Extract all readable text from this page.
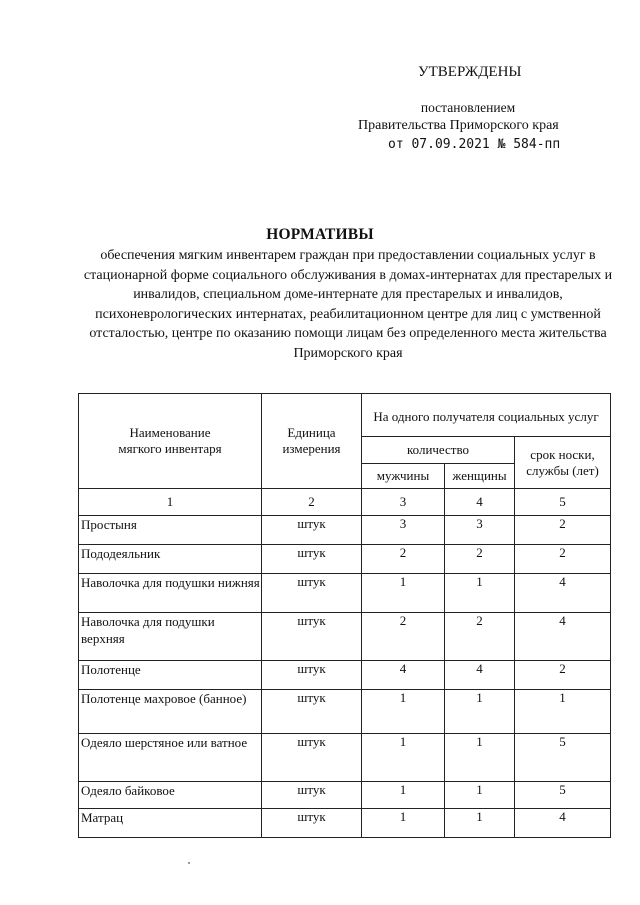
УТВЕРЖДЕНЫ
постановлением
Правительства Приморского края
от 07.09.2021 № 584-пп
НОРМАТИВЫ
обеспечения мягким инвентарем граждан при предоставлении социальных услуг в стационарной форме социального обслуживания в домах-интернатах для престарелых и инвалидов, специальном доме-интернате для престарелых и инвалидов, психоневрологических интернатах, реабилитационном центре для лиц с умственной отсталостью, центре по оказанию помощи лицам без определенного места жительства Приморского края
Наименование мягкого инвентаря	Единица измерения	На одного получателя социальных услуг		
		количество		срок носки, службы (лет)
		мужчины	женщины	
1	2	3	4	5
Простыня	штук	3	3	2
Пододеяльник	штук	2	2	2
Наволочка для подушки нижняя	штук	1	1	4
Наволочка для подушки верхняя	штук	2	2	4
Полотенце	штук	4	4	2
Полотенце махровое (банное)	штук	1	1	1
Одеяло шерстяное или ватное	штук	1	1	5
Одеяло байковое	штук	1	1	5
Матрац	штук	1	1	4
